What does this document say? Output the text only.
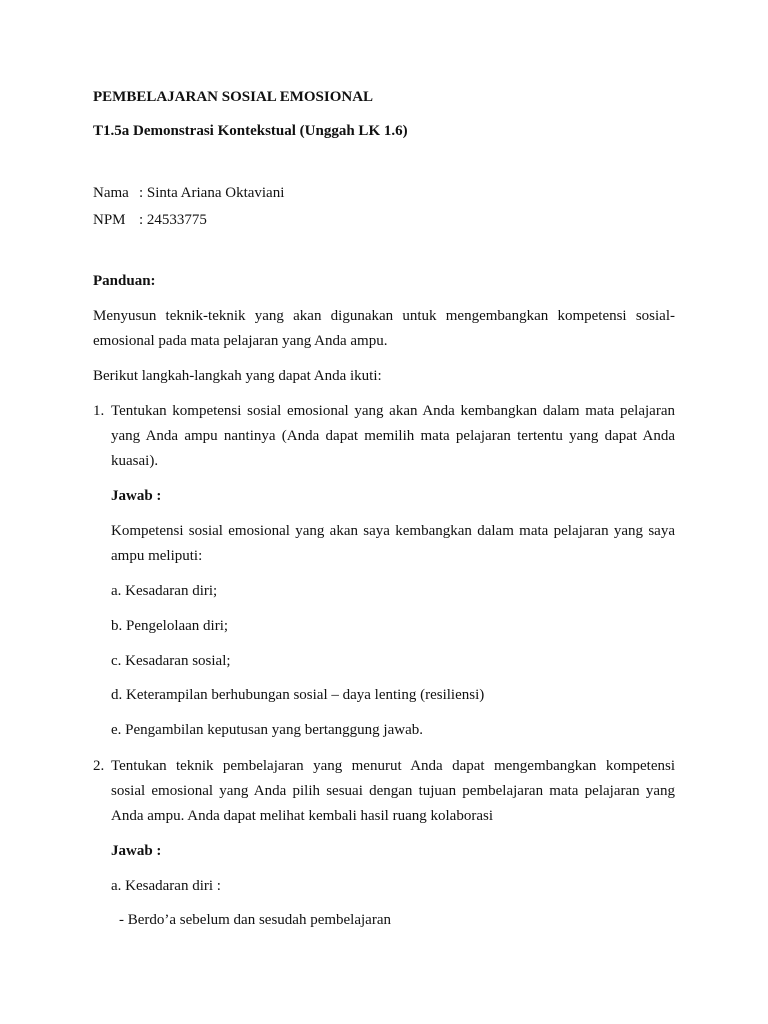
PEMBELAJARAN SOSIAL EMOSIONAL
T1.5a Demonstrasi Kontekstual (Unggah LK 1.6)
Nama : Sinta Ariana Oktaviani
NPM : 24533775
Panduan:
Menyusun teknik-teknik yang akan digunakan untuk mengembangkan kompetensi sosial-
emosional pada mata pelajaran yang Anda ampu.
Berikut langkah-langkah yang dapat Anda ikuti:
1. Tentukan kompetensi sosial emosional yang akan Anda kembangkan dalam mata pelajaran
yang Anda ampu nantinya (Anda dapat memilih mata pelajaran tertentu yang dapat Anda
kuasai).
Jawab :
Kompetensi sosial emosional yang akan saya kembangkan dalam mata pelajaran yang saya
ampu meliputi:
a. Kesadaran diri;
b. Pengelolaan diri;
c. Kesadaran sosial;
d. Keterampilan berhubungan sosial – daya lenting (resiliensi)
e. Pengambilan keputusan yang bertanggung jawab.
2. Tentukan teknik pembelajaran yang menurut Anda dapat mengembangkan kompetensi
sosial emosional yang Anda pilih sesuai dengan tujuan pembelajaran mata pelajaran yang
Anda ampu. Anda dapat melihat kembali hasil ruang kolaborasi
Jawab :
a. Kesadaran diri :
- Berdo’a sebelum dan sesudah pembelajaran
